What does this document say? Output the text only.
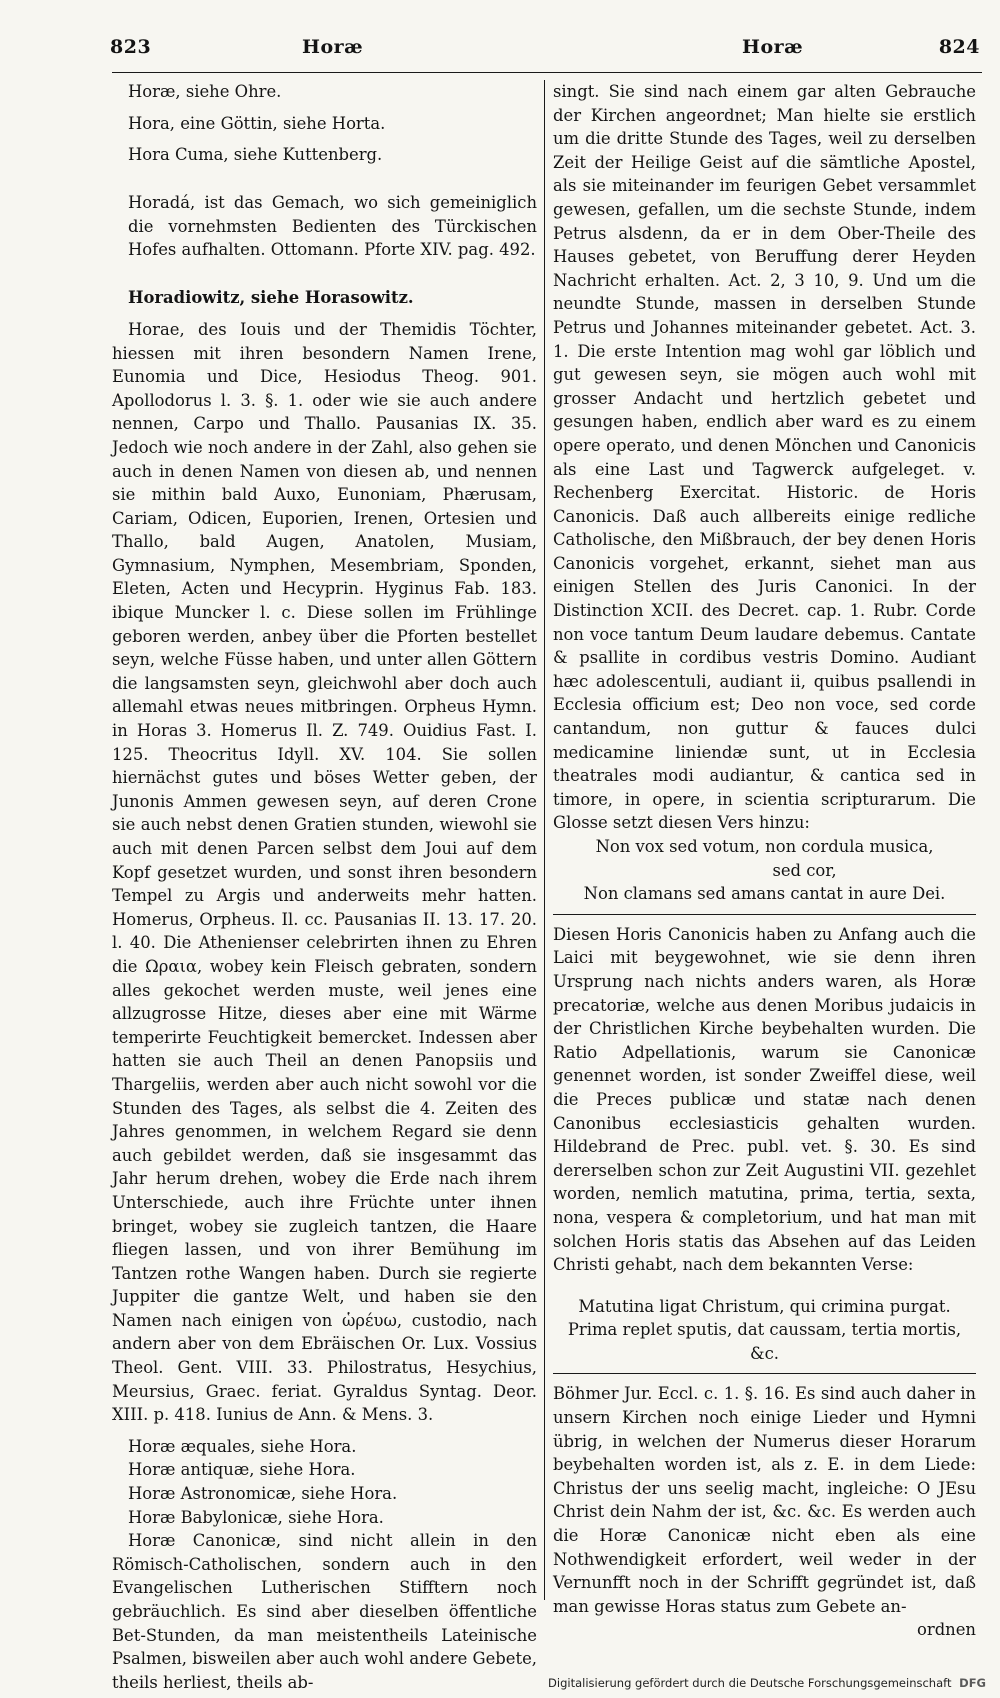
823	Horæ	Horæ	824

Horæ, siehe Ohre.

Hora, eine Göttin, siehe Horta.

Hora Cuma, siehe Kuttenberg.

Horadá, ist das Gemach, wo sich gemeiniglich die vornehmsten Bedienten des Türckischen Hofes aufhalten. Ottomann. Pforte XIV. pag. 492.

Horadiowitz, siehe Horasowitz.

Horae, des Iouis und der Themidis Töchter, hiessen mit ihren besondern Namen Irene, Eunomia und Dice, Hesiodus Theog. 901. Apollodorus l. 3. §. 1. oder wie sie auch andere nennen, Carpo und Thallo. Pausanias IX. 35. Jedoch wie noch andere in der Zahl, also gehen sie auch in denen Namen von diesen ab, und nennen sie mithin bald Auxo, Eunoniam, Phærusam, Cariam, Odicen, Euporien, Irenen, Ortesien und Thallo, bald Augen, Anatolen, Musiam, Gymnasium, Nymphen, Mesembriam, Sponden, Eleten, Acten und Hecyprin. Hyginus Fab. 183. ibique Muncker l. c. Diese sollen im Frühlinge geboren werden, anbey über die Pforten bestellet seyn, welche Füsse haben, und unter allen Göttern die langsamsten seyn, gleichwohl aber doch auch allemahl etwas neues mitbringen. Orpheus Hymn. in Horas 3. Homerus Il. Z. 749. Ouidius Fast. I. 125. Theocritus Idyll. XV. 104. Sie sollen hiernächst gutes und böses Wetter geben, der Junonis Ammen gewesen seyn, auf deren Crone sie auch nebst denen Gratien stunden, wiewohl sie auch mit denen Parcen selbst dem Joui auf dem Kopf gesetzet wurden, und sonst ihren besondern Tempel zu Argis und anderweits mehr hatten. Homerus, Orpheus. Il. cc. Pausanias II. 13. 17. 20. l. 40. Die Athenienser celebrirten ihnen zu Ehren die Ωραια, wobey kein Fleisch gebraten, sondern alles gekochet werden muste, weil jenes eine allzugrosse Hitze, dieses aber eine mit Wärme temperirte Feuchtigkeit bemercket. Indessen aber hatten sie auch Theil an denen Panopsiis und Thargeliis, werden aber auch nicht sowohl vor die Stunden des Tages, als selbst die 4. Zeiten des Jahres genommen, in welchem Regard sie denn auch gebildet werden, daß sie insgesammt das Jahr herum drehen, wobey die Erde nach ihrem Unterschiede, auch ihre Früchte unter ihnen bringet, wobey sie zugleich tantzen, die Haare fliegen lassen, und von ihrer Bemühung im Tantzen rothe Wangen haben. Durch sie regierte Juppiter die gantze Welt, und haben sie den Namen nach einigen von ὡρέυω, custodio, nach andern aber von dem Ebräischen Or. Lux. Vossius Theol. Gent. VIII. 33. Philostratus, Hesychius, Meursius, Graec. feriat. Gyraldus Syntag. Deor. XIII. p. 418. Iunius de Ann. & Mens. 3.

Horæ æquales, siehe Hora.

Horæ antiquæ, siehe Hora.

Horæ Astronomicæ, siehe Hora.

Horæ Babylonicæ, siehe Hora.

Horæ Canonicæ, sind nicht allein in den Römisch-Catholischen, sondern auch in den Evangelischen Lutherischen Stifftern noch gebräuchlich. Es sind aber dieselben öffentliche Bet-Stunden, da man meistentheils Lateinische Psalmen, bisweilen aber auch wohl andere Gebete, theils herliest, theils ab-

singt. Sie sind nach einem gar alten Gebrauche der Kirchen angeordnet; Man hielte sie erstlich um die dritte Stunde des Tages, weil zu derselben Zeit der Heilige Geist auf die sämtliche Apostel, als sie miteinander im feurigen Gebet versammlet gewesen, gefallen, um die sechste Stunde, indem Petrus alsdenn, da er in dem Ober-Theile des Hauses gebetet, von Beruffung derer Heyden Nachricht erhalten. Act. 2, 3 10, 9. Und um die neundte Stunde, massen in derselben Stunde Petrus und Johannes miteinander gebetet. Act. 3. 1. Die erste Intention mag wohl gar löblich und gut gewesen seyn, sie mögen auch wohl mit grosser Andacht und hertzlich gebetet und gesungen haben, endlich aber ward es zu einem opere operato, und denen Mönchen und Canonicis als eine Last und Tagwerck aufgeleget. v. Rechenberg Exercitat. Historic. de Horis Canonicis. Daß auch allbereits einige redliche Catholische, den Mißbrauch, der bey denen Horis Canonicis vorgehet, erkannt, siehet man aus einigen Stellen des Juris Canonici. In der Distinction XCII. des Decret. cap. 1. Rubr. Corde non voce tantum Deum laudare debemus. Cantate & psallite in cordibus vestris Domino. Audiant hæc adolescentuli, audiant ii, quibus psallendi in Ecclesia officium est; Deo non voce, sed corde cantandum, non guttur & fauces dulci medicamine liniendæ sunt, ut in Ecclesia theatrales modi audiantur, & cantica sed in timore, in opere, in scientia scripturarum. Die Glosse setzt diesen Vers hinzu:

Non vox sed votum, non cordula musica,

sed cor,

Non clamans sed amans cantat in aure Dei.

Diesen Horis Canonicis haben zu Anfang auch die Laici mit beygewohnet, wie sie denn ihren Ursprung nach nichts anders waren, als Horæ precatoriæ, welche aus denen Moribus judaicis in der Christlichen Kirche beybehalten wurden. Die Ratio Adpellationis, warum sie Canonicæ genennet worden, ist sonder Zweiffel diese, weil die Preces publicæ und statæ nach denen Canonibus ecclesiasticis gehalten wurden. Hildebrand de Prec. publ. vet. §. 30. Es sind dererselben schon zur Zeit Augustini VII. gezehlet worden, nemlich matutina, prima, tertia, sexta, nona, vespera & completorium, und hat man mit solchen Horis statis das Absehen auf das Leiden Christi gehabt, nach dem bekannten Verse:

Matutina ligat Christum, qui crimina purgat.

Prima replet sputis, dat caussam, tertia mortis, &c.

Böhmer Jur. Eccl. c. 1. §. 16. Es sind auch daher in unsern Kirchen noch einige Lieder und Hymni übrig, in welchen der Numerus dieser Horarum beybehalten worden ist, als z. E. in dem Liede: Christus der uns seelig macht, ingleiche: O JEsu Christ dein Nahm der ist, &c. &c. Es werden auch die Horæ Canonicæ nicht eben als eine Nothwendigkeit erfordert, weil weder in der Vernunfft noch in der Schrifft gegründet ist, daß man gewisse Horas status zum Gebete an-

ordnen

Digitalisierung gefördert durch die Deutsche Forschungsgemeinschaft DFG
